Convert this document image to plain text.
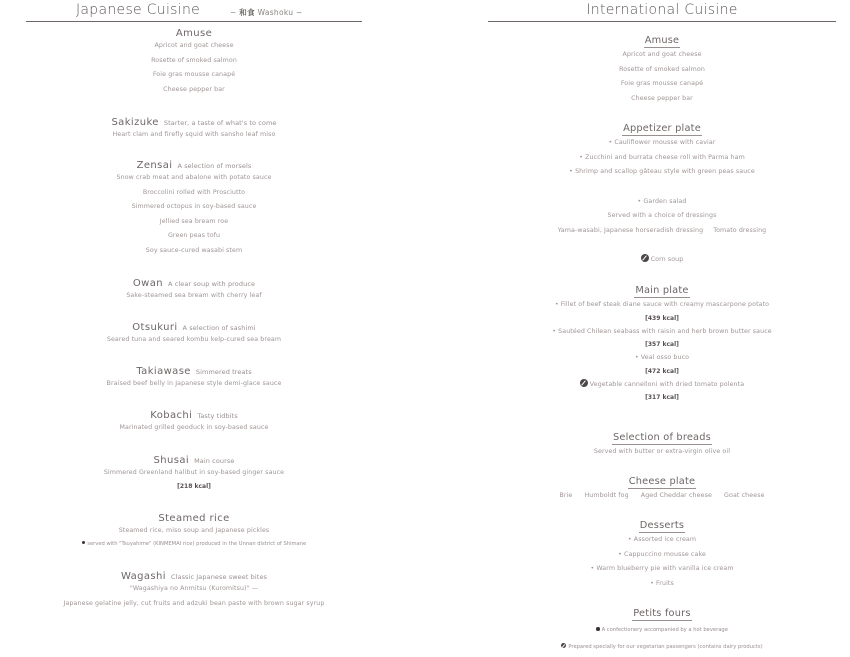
Japanese Cuisine	~ 和食 Washoku ~
Amuse
Apricot and goat cheese
Rosette of smoked salmon
Foie gras mousse canapé
Cheese pepper bar
Sakizuke Starter, a taste of what's to come
Heart clam and firefly squid with sansho leaf miso
Zensai A selection of morsels
Snow crab meat and abalone with potato sauce
Broccolini rolled with Prosciutto
Simmered octopus in soy-based sauce
Jellied sea bream roe
Green peas tofu
Soy sauce-cured wasabi stem
Owan A clear soup with produce
Sake-steamed sea bream with cherry leaf
Otsukuri A selection of sashimi
Seared tuna and seared kombu kelp-cured sea bream
Takiawase Simmered treats
Braised beef belly in Japanese style demi-glace sauce
Kobachi Tasty tidbits
Marinated grilled geoduck in soy-based sauce
Shusai Main course
Simmered Greenland halibut in soy-based ginger sauce
[218 kcal]
Steamed rice
Steamed rice, miso soup and Japanese pickles
served with "Tsuyahime" (KINMEMAI rice) produced in the Unnan district of Shimane
Wagashi Classic Japanese sweet bites
"Wagashiya no Anmitsu (Kuromitsu)" —
Japanese gelatine jelly, cut fruits and adzuki bean paste with brown sugar syrup
International Cuisine
Amuse
Apricot and goat cheese
Rosette of smoked salmon
Foie gras mousse canapé
Cheese pepper bar
Appetizer plate
• Cauliflower mousse with caviar
• Zucchini and burrata cheese roll with Parma ham
• Shrimp and scallop gâteau style with green peas sauce
• Garden salad
Served with a choice of dressings
Yama-wasabi, Japanese horseradish dressing Tomato dressing
Corn soup
Main plate
• Fillet of beef steak diane sauce with creamy mascarpone potato
[439 kcal]
• Sautéed Chilean seabass with raisin and herb brown butter sauce
[357 kcal]
• Veal osso buco
[472 kcal]
Vegetable cannelloni with dried tomato polenta
[317 kcal]
Selection of breads
Served with butter or extra-virgin olive oil
Cheese plate
Brie Humboldt fog Aged Cheddar cheese Goat cheese
Desserts
• Assorted ice cream
• Cappuccino mousse cake
• Warm blueberry pie with vanilla ice cream
• Fruits
Petits fours
A confectionery accompanied by a hot beverage
Prepared specially for our vegetarian passengers (contains dairy products)
